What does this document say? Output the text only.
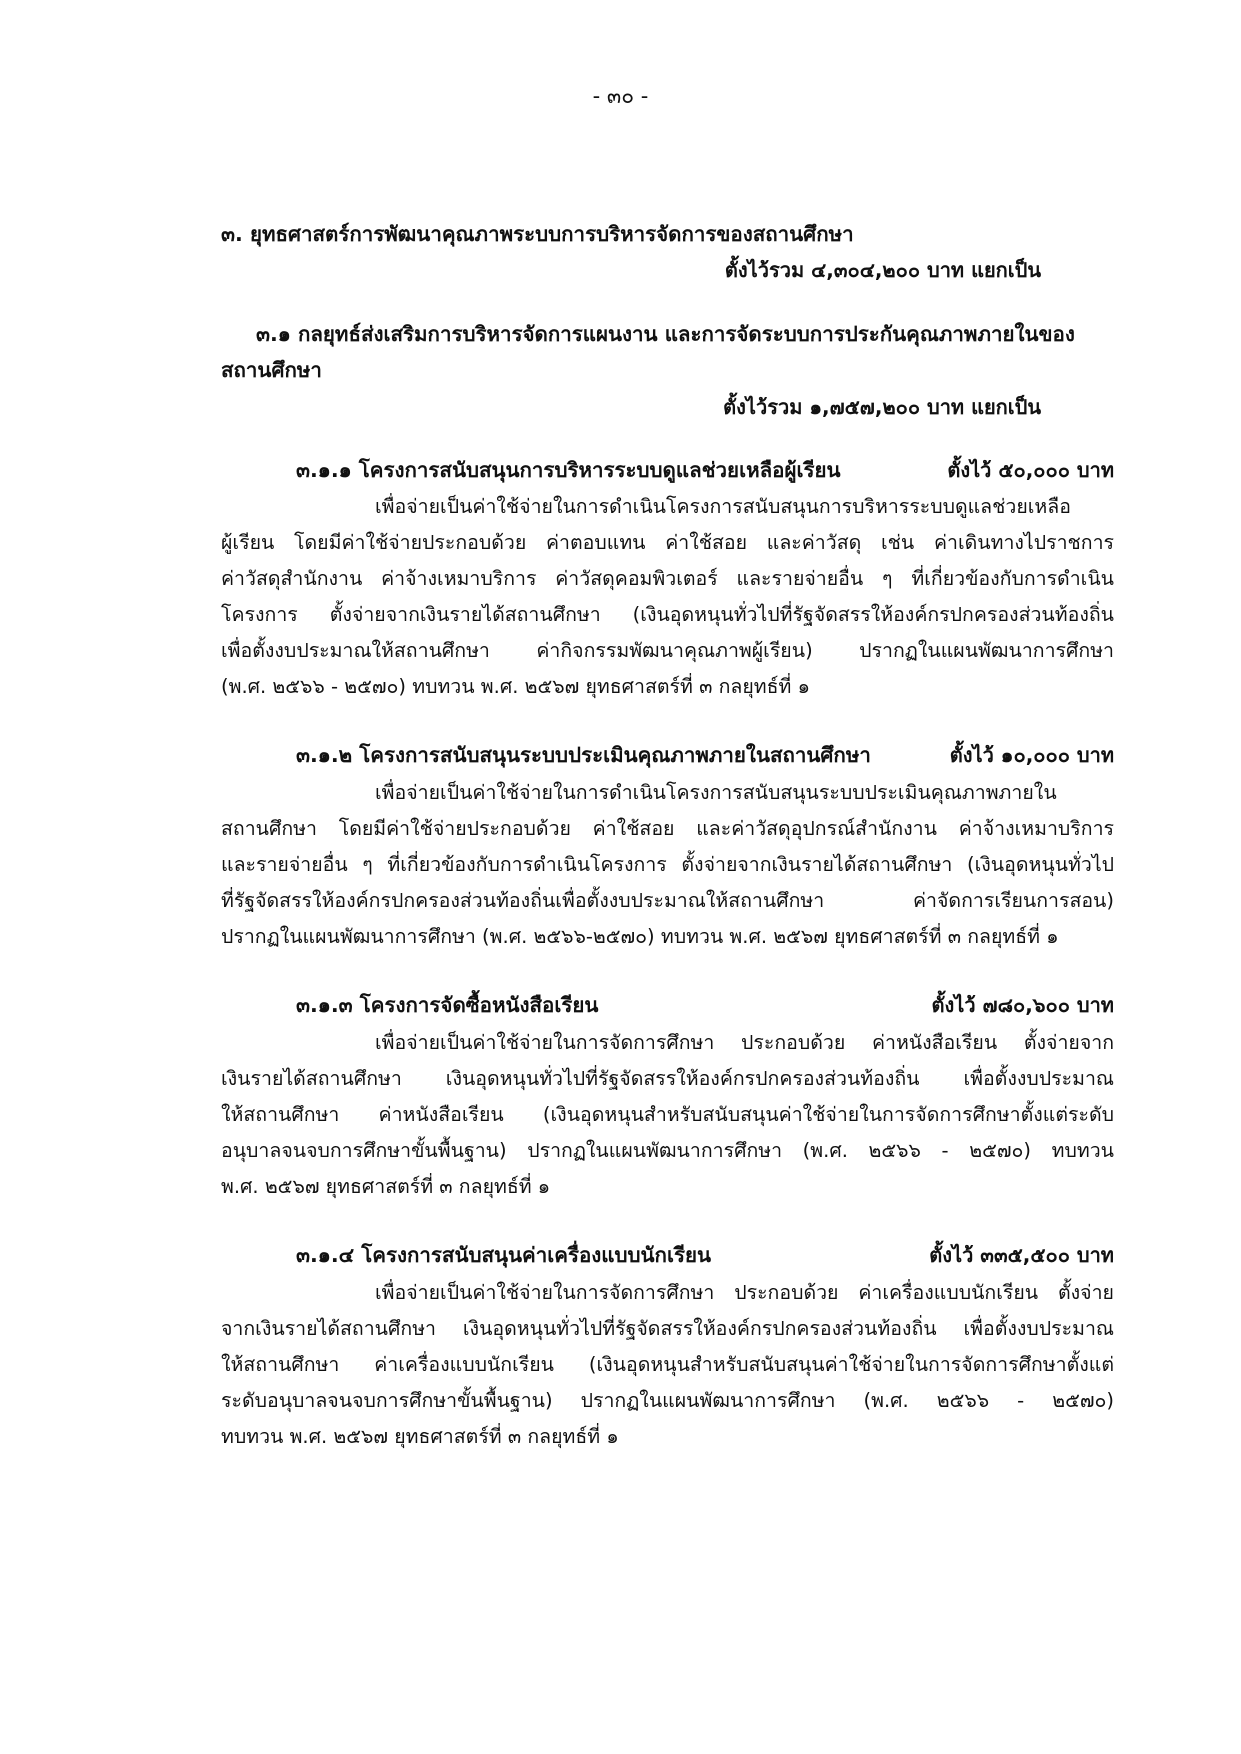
- ๓๐ -
๓. ยุทธศาสตร์การพัฒนาคุณภาพระบบการบริหารจัดการของสถานศึกษา
ตั้งไว้รวม ๔,๓๐๔,๒๐๐ บาท แยกเป็น
๓.๑ กลยุทธ์ส่งเสริมการบริหารจัดการแผนงาน และการจัดระบบการประกันคุณภาพภายในของ
สถานศึกษา
ตั้งไว้รวม ๑,๗๕๗,๒๐๐ บาท แยกเป็น
๓.๑.๑ โครงการสนับสนุนการบริหารระบบดูแลช่วยเหลือผู้เรียน	ตั้งไว้ ๕๐,๐๐๐ บาท
เพื่อจ่ายเป็นค่าใช้จ่ายในการดำเนินโครงการสนับสนุนการบริหารระบบดูแลช่วยเหลือ
ผู้เรียน โดยมีค่าใช้จ่ายประกอบด้วย ค่าตอบแทน ค่าใช้สอย และค่าวัสดุ เช่น ค่าเดินทางไปราชการ
ค่าวัสดุสำนักงาน ค่าจ้างเหมาบริการ ค่าวัสดุคอมพิวเตอร์ และรายจ่ายอื่น ๆ ที่เกี่ยวข้องกับการดำเนิน
โครงการ ตั้งจ่ายจากเงินรายได้สถานศึกษา (เงินอุดหนุนทั่วไปที่รัฐจัดสรรให้องค์กรปกครองส่วนท้องถิ่น
เพื่อตั้งงบประมาณให้สถานศึกษา ค่ากิจกรรมพัฒนาคุณภาพผู้เรียน) ปรากฏในแผนพัฒนาการศึกษา
(พ.ศ. ๒๕๖๖ - ๒๕๗๐) ทบทวน พ.ศ. ๒๕๖๗ ยุทธศาสตร์ที่ ๓ กลยุทธ์ที่ ๑
๓.๑.๒ โครงการสนับสนุนระบบประเมินคุณภาพภายในสถานศึกษา	ตั้งไว้ ๑๐,๐๐๐ บาท
เพื่อจ่ายเป็นค่าใช้จ่ายในการดำเนินโครงการสนับสนุนระบบประเมินคุณภาพภายใน
สถานศึกษา โดยมีค่าใช้จ่ายประกอบด้วย ค่าใช้สอย และค่าวัสดุอุปกรณ์สำนักงาน ค่าจ้างเหมาบริการ
และรายจ่ายอื่น ๆ ที่เกี่ยวข้องกับการดำเนินโครงการ ตั้งจ่ายจากเงินรายได้สถานศึกษา (เงินอุดหนุนทั่วไป
ที่รัฐจัดสรรให้องค์กรปกครองส่วนท้องถิ่นเพื่อตั้งงบประมาณให้สถานศึกษา ค่าจัดการเรียนการสอน)
ปรากฏในแผนพัฒนาการศึกษา (พ.ศ. ๒๕๖๖-๒๕๗๐) ทบทวน พ.ศ. ๒๕๖๗ ยุทธศาสตร์ที่ ๓ กลยุทธ์ที่ ๑
๓.๑.๓ โครงการจัดซื้อหนังสือเรียน	ตั้งไว้ ๗๘๐,๖๐๐ บาท
เพื่อจ่ายเป็นค่าใช้จ่ายในการจัดการศึกษา ประกอบด้วย ค่าหนังสือเรียน ตั้งจ่ายจาก
เงินรายได้สถานศึกษา เงินอุดหนุนทั่วไปที่รัฐจัดสรรให้องค์กรปกครองส่วนท้องถิ่น เพื่อตั้งงบประมาณ
ให้สถานศึกษา ค่าหนังสือเรียน (เงินอุดหนุนสำหรับสนับสนุนค่าใช้จ่ายในการจัดการศึกษาตั้งแต่ระดับ
อนุบาลจนจบการศึกษาขั้นพื้นฐาน) ปรากฏในแผนพัฒนาการศึกษา (พ.ศ. ๒๕๖๖ - ๒๕๗๐) ทบทวน
พ.ศ. ๒๕๖๗ ยุทธศาสตร์ที่ ๓ กลยุทธ์ที่ ๑
๓.๑.๔ โครงการสนับสนุนค่าเครื่องแบบนักเรียน	ตั้งไว้ ๓๓๕,๕๐๐ บาท
เพื่อจ่ายเป็นค่าใช้จ่ายในการจัดการศึกษา ประกอบด้วย ค่าเครื่องแบบนักเรียน ตั้งจ่าย
จากเงินรายได้สถานศึกษา เงินอุดหนุนทั่วไปที่รัฐจัดสรรให้องค์กรปกครองส่วนท้องถิ่น เพื่อตั้งงบประมาณ
ให้สถานศึกษา ค่าเครื่องแบบนักเรียน (เงินอุดหนุนสำหรับสนับสนุนค่าใช้จ่ายในการจัดการศึกษาตั้งแต่
ระดับอนุบาลจนจบการศึกษาขั้นพื้นฐาน) ปรากฏในแผนพัฒนาการศึกษา (พ.ศ. ๒๕๖๖ - ๒๕๗๐)
ทบทวน พ.ศ. ๒๕๖๗ ยุทธศาสตร์ที่ ๓ กลยุทธ์ที่ ๑
